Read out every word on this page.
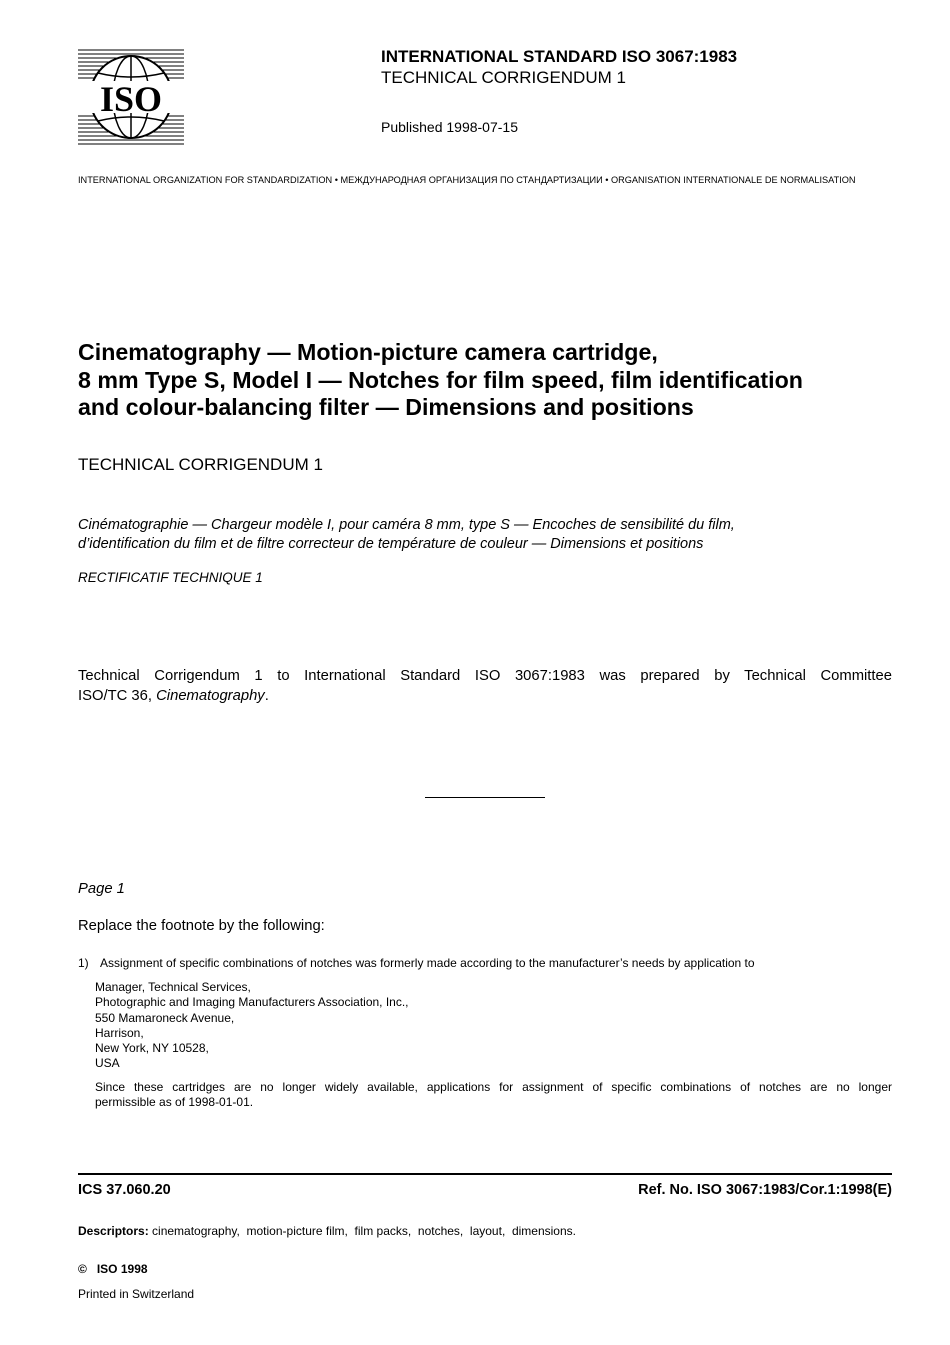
ISO
INTERNATIONAL STANDARD ISO 3067:1983
TECHNICAL CORRIGENDUM 1
Published 1998-07-15
INTERNATIONAL ORGANIZATION FOR STANDARDIZATION • МЕЖДУНАРОДНАЯ ОРГАНИЗАЦИЯ ПО СТАНДАРТИЗАЦИИ • ORGANISATION INTERNATIONALE DE NORMALISATION
Cinematography — Motion-picture camera cartridge,
8 mm Type S, Model I — Notches for film speed, film identification
and colour-balancing filter — Dimensions and positions
TECHNICAL CORRIGENDUM 1
Cinématographie — Chargeur modèle I, pour caméra 8 mm, type S — Encoches de sensibilité du film,
d’identification du film et de filtre correcteur de température de couleur — Dimensions et positions
RECTIFICATIF TECHNIQUE 1
Technical Corrigendum 1 to International Standard ISO 3067:1983 was prepared by Technical Committee
ISO/TC 36, Cinematography.
Page 1
Replace the footnote by the following:
1) Assignment of specific combinations of notches was formerly made according to the manufacturer’s needs by application to
Manager, Technical Services,
Photographic and Imaging Manufacturers Association, Inc.,
550 Mamaroneck Avenue,
Harrison,
New York, NY 10528,
USA
Since these cartridges are no longer widely available, applications for assignment of specific combinations of notches are no longer
permissible as of 1998-01-01.
ICS 37.060.20	Ref. No. ISO 3067:1983/Cor.1:1998(E)
Descriptors: cinematography,  motion-picture film,  film packs,  notches,  layout,  dimensions.
©   ISO 1998
Printed in Switzerland
